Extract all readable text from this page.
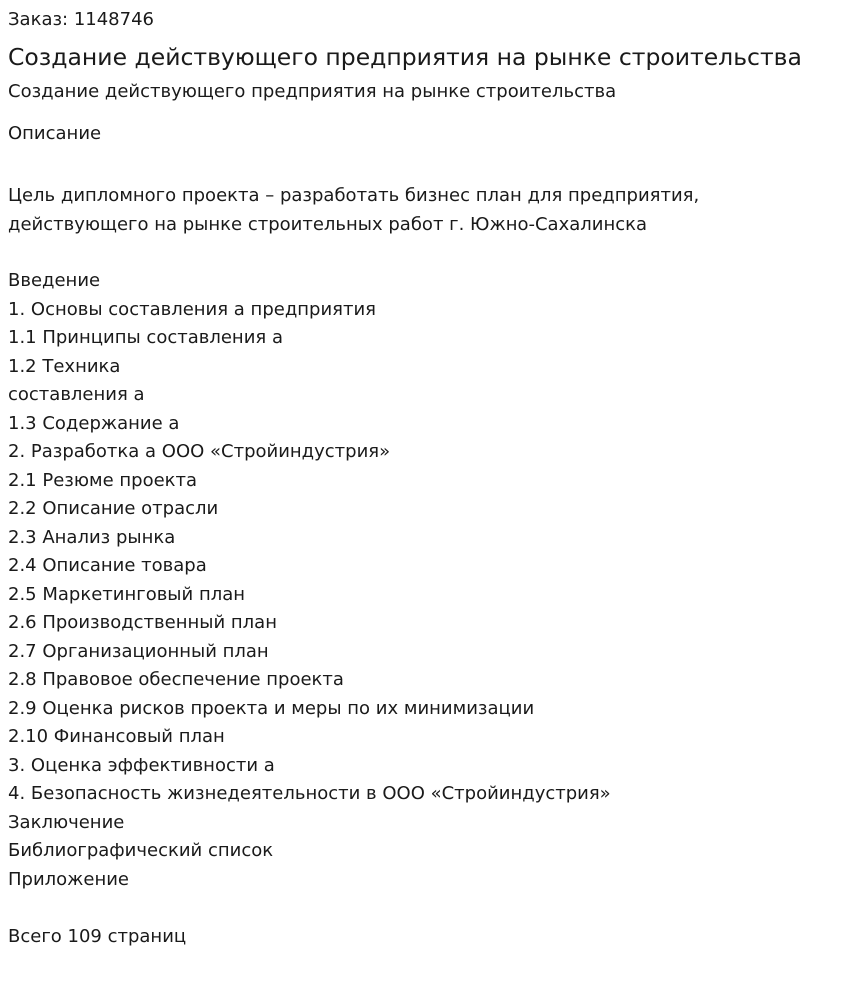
Заказ: 1148746

Создание действующего предприятия на рынке строительства

Создание действующего предприятия на рынке строительства

Описание

Цель дипломного проекта – разработать бизнес план для предприятия,
действующего на рынке строительных работ г. Южно-Сахалинска

Введение
1. Основы составления а предприятия
1.1 Принципы составления а
1.2 Техника
составления а
1.3 Содержание а
2. Разработка а ООО «Стройиндустрия»
2.1 Резюме проекта
2.2 Описание отрасли
2.3 Анализ рынка
2.4 Описание товара
2.5 Маркетинговый план
2.6 Производственный план
2.7 Организационный план
2.8 Правовое обеспечение проекта
2.9 Оценка рисков проекта и меры по их минимизации
2.10 Финансовый план
3. Оценка эффективности а
4. Безопасность жизнедеятельности в ООО «Стройиндустрия»
Заключение
Библиографический список
Приложение

Всего 109 страниц
